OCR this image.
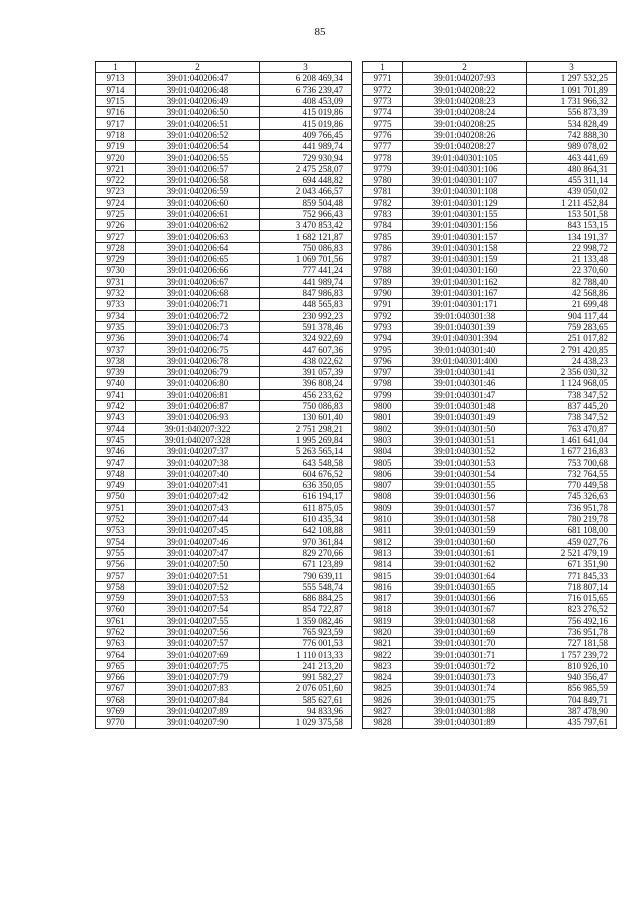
85
1	2	3
9713	39:01:040206:47	6 208 469,34
9714	39:01:040206:48	6 736 239,47
9715	39:01:040206:49	408 453,09
9716	39:01:040206:50	415 019,86
9717	39:01:040206:51	415 019,86
9718	39:01:040206:52	409 766,45
9719	39:01:040206:54	441 989,74
9720	39:01:040206:55	729 930,94
9721	39:01:040206:57	2 475 258,07
9722	39:01:040206:58	694 448,82
9723	39:01:040206:59	2 043 466,57
9724	39:01:040206:60	859 504,48
9725	39:01:040206:61	752 966,43
9726	39:01:040206:62	3 470 853,42
9727	39:01:040206:63	1 682 121,87
9728	39:01:040206:64	750 086,83
9729	39:01:040206:65	1 069 701,56
9730	39:01:040206:66	777 441,24
9731	39:01:040206:67	441 989,74
9732	39:01:040206:68	847 986,83
9733	39:01:040206:71	448 565,83
9734	39:01:040206:72	230 992,23
9735	39:01:040206:73	591 378,46
9736	39:01:040206:74	324 922,69
9737	39:01:040206:75	447 607,36
9738	39:01:040206:78	438 022,62
9739	39:01:040206:79	391 057,39
9740	39:01:040206:80	396 808,24
9741	39:01:040206:81	456 233,62
9742	39:01:040206:87	750 086,83
9743	39:01:040206:93	130 601,40
9744	39:01:040207:322	2 751 298,21
9745	39:01:040207:328	1 995 269,84
9746	39:01:040207:37	5 263 565,14
9747	39:01:040207:38	643 548,58
9748	39:01:040207:40	604 676,52
9749	39:01:040207:41	636 350,05
9750	39:01:040207:42	616 194,17
9751	39:01:040207:43	611 875,05
9752	39:01:040207:44	610 435,34
9753	39:01:040207:45	642 108,88
9754	39:01:040207:46	970 361,84
9755	39:01:040207:47	829 270,66
9756	39:01:040207:50	671 123,89
9757	39:01:040207:51	790 639,11
9758	39:01:040207:52	555 548,74
9759	39:01:040207:53	686 884,25
9760	39:01:040207:54	854 722,87
9761	39:01:040207:55	1 359 082,46
9762	39:01:040207:56	765 923,59
9763	39:01:040207:57	776 001,53
9764	39:01:040207:69	1 110 013,33
9765	39:01:040207:75	241 213,20
9766	39:01:040207:79	991 582,27
9767	39:01:040207:83	2 076 051,60
9768	39:01:040207:84	585 627,61
9769	39:01:040207:89	94 833,96
9770	39:01:040207:90	1 029 375,58
1	2	3
9771	39:01:040207:93	1 297 532,25
9772	39:01:040208:22	1 091 701,89
9773	39:01:040208:23	1 731 966,32
9774	39:01:040208:24	556 873,39
9775	39:01:040208:25	534 828,49
9776	39:01:040208:26	742 888,30
9777	39:01:040208:27	989 078,02
9778	39:01:040301:105	463 441,69
9779	39:01:040301:106	480 864,31
9780	39:01:040301:107	455 311,14
9781	39:01:040301:108	439 050,02
9782	39:01:040301:129	1 211 452,84
9783	39:01:040301:155	153 501,58
9784	39:01:040301:156	843 153,15
9785	39:01:040301:157	134 191,37
9786	39:01:040301:158	22 998,72
9787	39:01:040301:159	21 133,48
9788	39:01:040301:160	22 370,60
9789	39:01:040301:162	82 788,40
9790	39:01:040301:167	42 568,86
9791	39:01:040301:171	21 699,48
9792	39:01:040301:38	904 117,44
9793	39:01:040301:39	759 283,65
9794	39:01:040301:394	251 017,82
9795	39:01:040301:40	2 791 420,85
9796	39:01:040301:400	24 438,23
9797	39:01:040301:41	2 356 030,32
9798	39:01:040301:46	1 124 968,05
9799	39:01:040301:47	738 347,52
9800	39:01:040301:48	837 445,20
9801	39:01:040301:49	738 347,52
9802	39:01:040301:50	763 470,87
9803	39:01:040301:51	1 461 641,04
9804	39:01:040301:52	1 677 216,83
9805	39:01:040301:53	753 700,68
9806	39:01:040301:54	732 764,55
9807	39:01:040301:55	770 449,58
9808	39:01:040301:56	745 326,63
9809	39:01:040301:57	736 951,78
9810	39:01:040301:58	780 219,78
9811	39:01:040301:59	681 108,00
9812	39:01:040301:60	459 027,76
9813	39:01:040301:61	2 521 479,19
9814	39:01:040301:62	671 351,90
9815	39:01:040301:64	771 845,33
9816	39:01:040301:65	718 807,14
9817	39:01:040301:66	716 015,65
9818	39:01:040301:67	823 276,52
9819	39:01:040301:68	756 492,16
9820	39:01:040301:69	736 951,78
9821	39:01:040301:70	727 181,58
9822	39:01:040301:71	1 757 239,72
9823	39:01:040301:72	810 926,10
9824	39:01:040301:73	940 356,47
9825	39:01:040301:74	856 985,59
9826	39:01:040301:75	704 849,71
9827	39:01:040301:88	387 478,90
9828	39:01:040301:89	435 797,61
